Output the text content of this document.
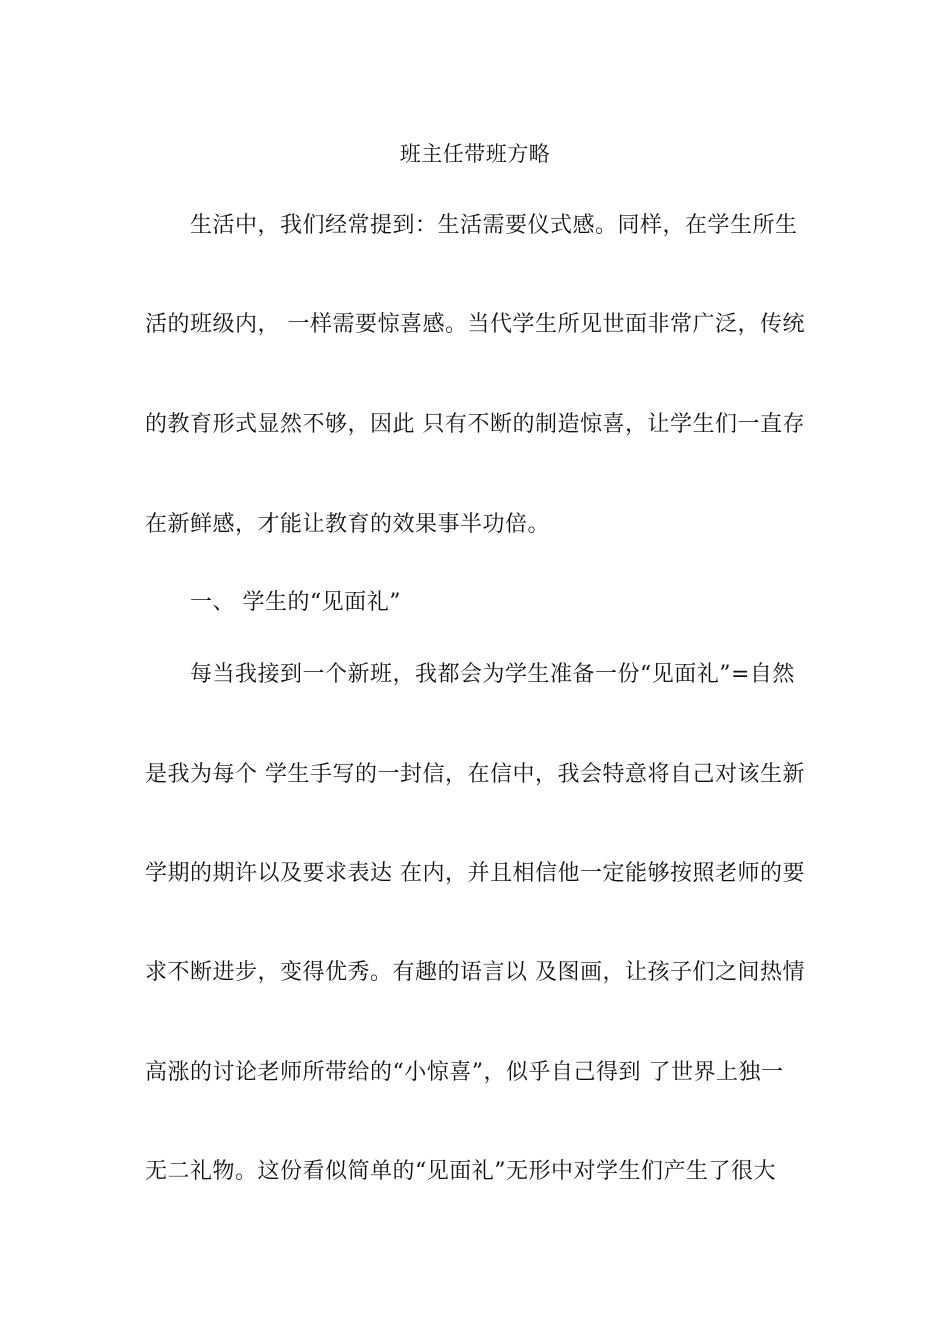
班主任带班方略
生活中，我们经常提到：生活需要仪式感。同样，在学生所生
活的班级内， 一样需要惊喜感。当代学生所见世面非常广泛，传统
的教育形式显然不够，因此 只有不断的制造惊喜，让学生们一直存
在新鲜感，才能让教育的效果事半功倍。
一、 学生的“见面礼”
每当我接到一个新班，我都会为学生准备一份“见面礼”=自然
是我为每个 学生手写的一封信，在信中，我会特意将自己对该生新
学期的期许以及要求表达 在内，并且相信他一定能够按照老师的要
求不断进步，变得优秀。有趣的语言以 及图画，让孩子们之间热情
高涨的讨论老师所带给的“小惊喜”，似乎自己得到 了世界上独一
无二礼物。这份看似简单的“见面礼”无形中对学生们产生了很大
